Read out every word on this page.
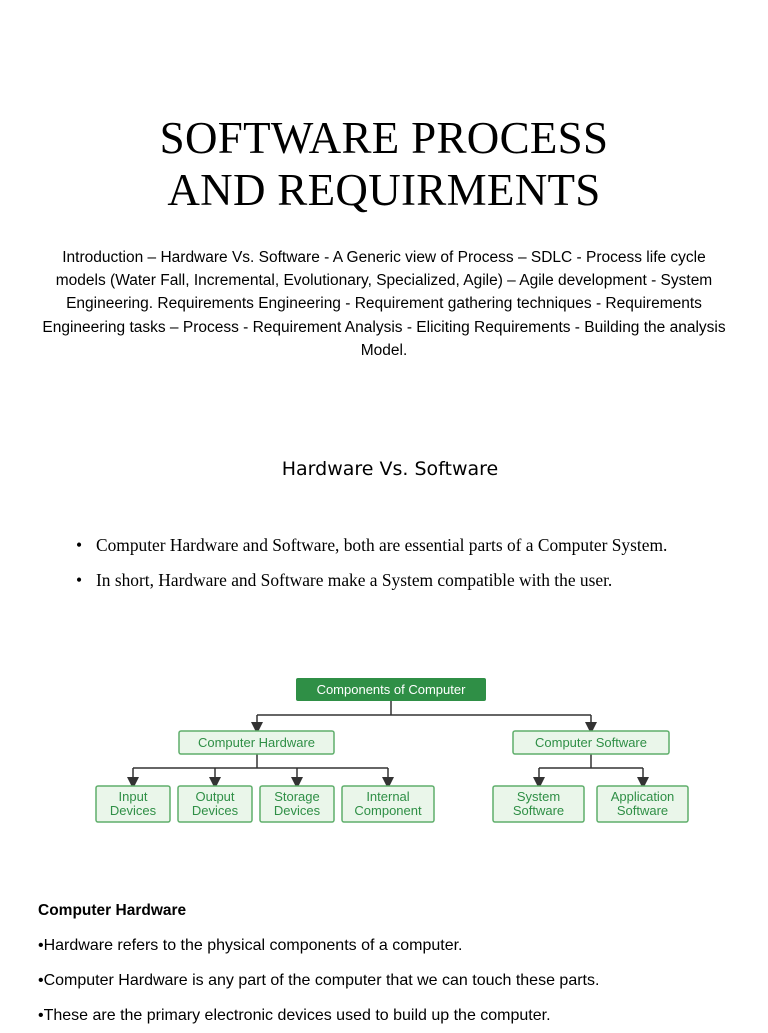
SOFTWARE PROCESS
AND REQUIRMENTS
Introduction – Hardware Vs. Software - A Generic view of Process – SDLC - Process life cycle models (Water Fall, Incremental, Evolutionary, Specialized, Agile) – Agile development - System Engineering. Requirements Engineering - Requirement gathering techniques - Requirements Engineering tasks – Process - Requirement Analysis - Eliciting Requirements - Building the analysis Model.
Hardware Vs. Software
• Computer Hardware and Software, both are essential parts of a Computer System.
• In short, Hardware and Software make a System compatible with the user.
Components of Computer
Computer Hardware	Computer Software
Input
Devices
Output
Devices
Storage
Devices
Internal
Component
System
Software
Application
Software

Computer Hardware

•Hardware refers to the physical components of a computer.

•Computer Hardware is any part of the computer that we can touch these parts.

•These are the primary electronic devices used to build up the computer.
